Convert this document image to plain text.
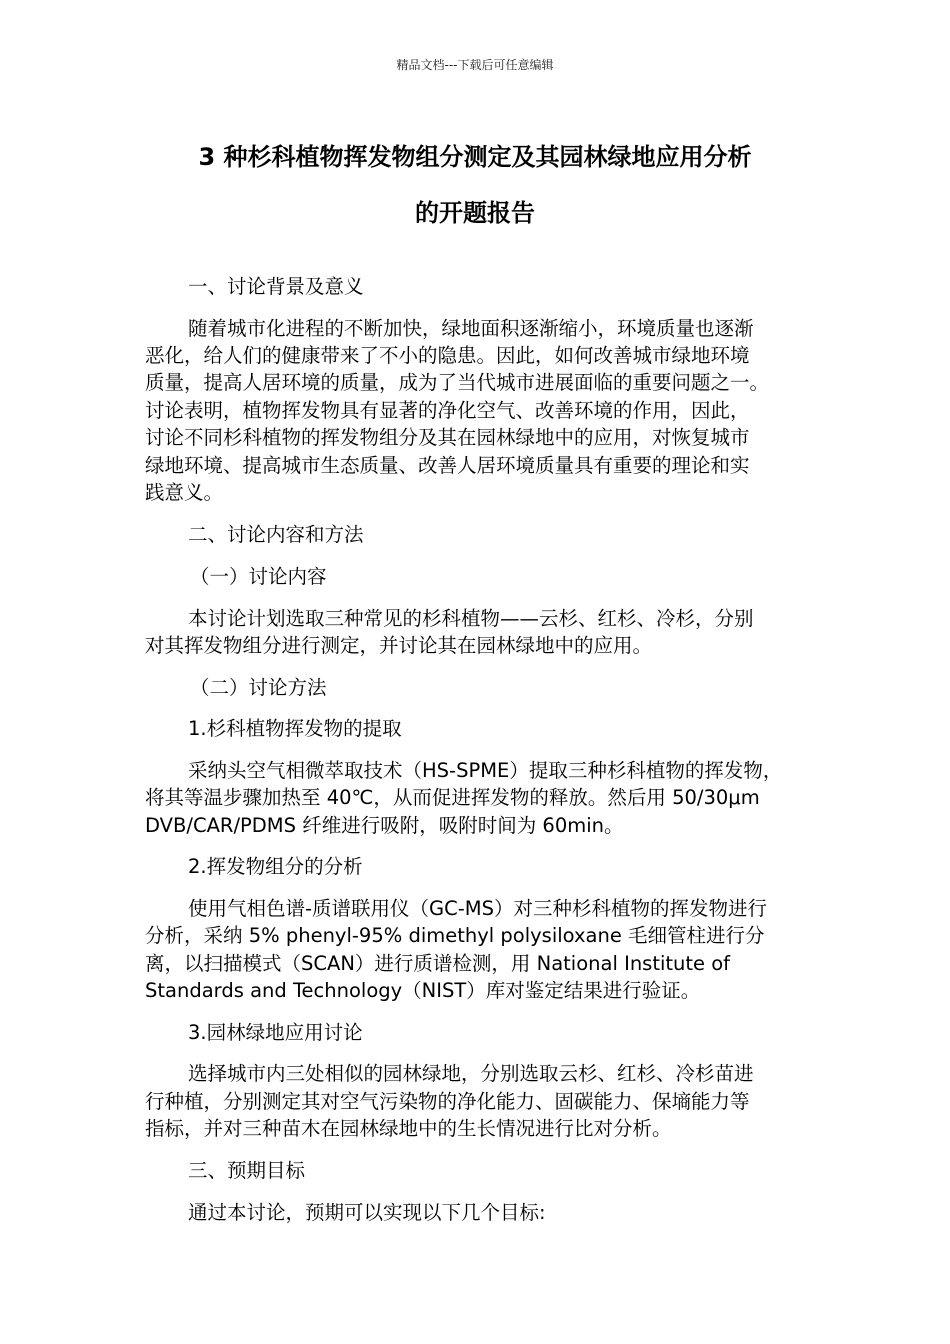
精品文档---下载后可任意编辑
3 种杉科植物挥发物组分测定及其园林绿地应用分析
的开题报告
一、讨论背景及意义
随着城市化进程的不断加快，绿地面积逐渐缩小，环境质量也逐渐
恶化，给人们的健康带来了不小的隐患。因此，如何改善城市绿地环境
质量，提高人居环境的质量，成为了当代城市进展面临的重要问题之一。
讨论表明，植物挥发物具有显著的净化空气、改善环境的作用，因此，
讨论不同杉科植物的挥发物组分及其在园林绿地中的应用，对恢复城市
绿地环境、提高城市生态质量、改善人居环境质量具有重要的理论和实
践意义。
二、讨论内容和方法
（一）讨论内容
本讨论计划选取三种常见的杉科植物——云杉、红杉、冷杉，分别
对其挥发物组分进行测定，并讨论其在园林绿地中的应用。
（二）讨论方法
1.杉科植物挥发物的提取
采纳头空气相微萃取技术（HS-SPME）提取三种杉科植物的挥发物，
将其等温步骤加热至 40℃，从而促进挥发物的释放。然后用 50/30μm
DVB/CAR/PDMS 纤维进行吸附，吸附时间为 60min。
2.挥发物组分的分析
使用气相色谱-质谱联用仪（GC-MS）对三种杉科植物的挥发物进行
分析，采纳 5% phenyl-95% dimethyl polysiloxane 毛细管柱进行分
离，以扫描模式（SCAN）进行质谱检测，用 National Institute of
Standards and Technology（NIST）库对鉴定结果进行验证。
3.园林绿地应用讨论
选择城市内三处相似的园林绿地，分别选取云杉、红杉、冷杉苗进
行种植，分别测定其对空气污染物的净化能力、固碳能力、保墒能力等
指标，并对三种苗木在园林绿地中的生长情况进行比对分析。
三、预期目标
通过本讨论，预期可以实现以下几个目标:
